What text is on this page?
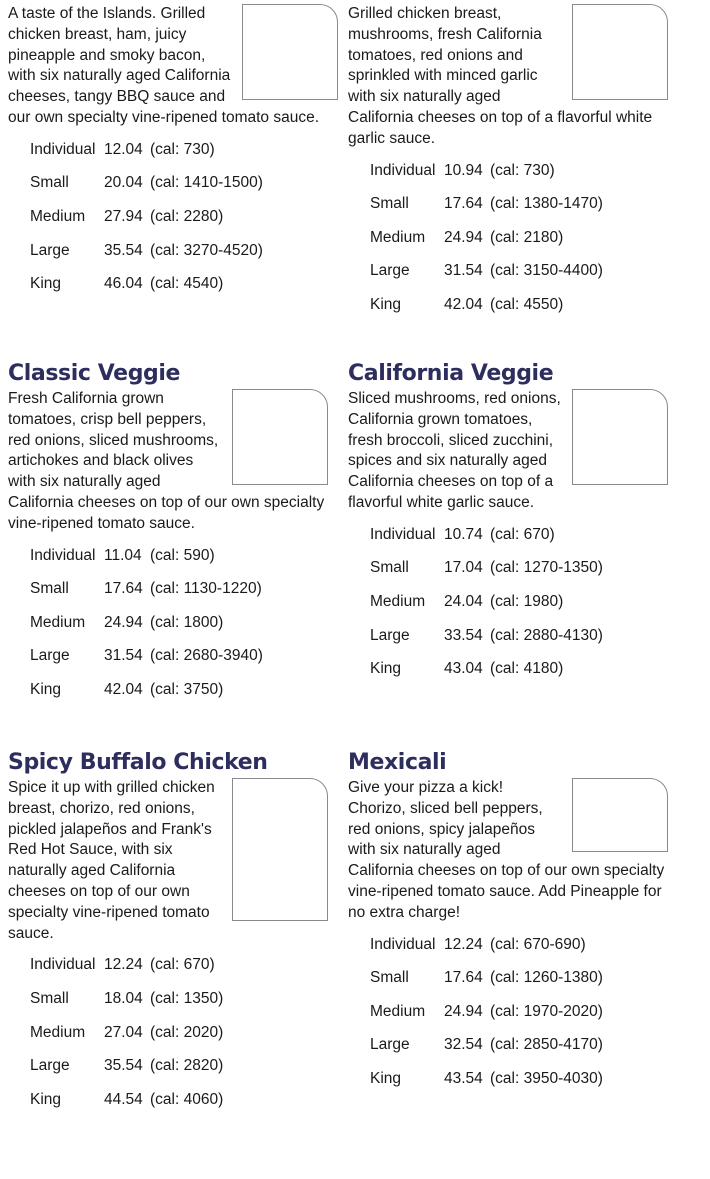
A taste of the Islands. Grilled chicken breast, ham, juicy pineapple and smoky bacon, with six naturally aged California cheeses, tangy BBQ sauce and our own specialty vine-ripened tomato sauce.

Individual 12.04 (cal: 730)
Small 20.04 (cal: 1410-1500)
Medium 27.94 (cal: 2280)
Large 35.54 (cal: 3270-4520)
King	46.04 (cal: 4540)

Grilled chicken breast, mushrooms, fresh California tomatoes, red onions and sprinkled with minced garlic with six naturally aged California cheeses on top of a flavorful white garlic sauce.

Individual 10.94 (cal: 730)
Small 17.64 (cal: 1380-1470)
Medium 24.94 (cal: 2180)
Large 31.54 (cal: 3150-4400)
King	42.04 (cal: 4550)
Classic Veggie

Fresh California grown tomatoes, crisp bell peppers, red onions, sliced mushrooms, artichokes and black olives with six naturally aged California cheeses on top of our own specialty vine-ripened tomato sauce.

Individual 11.04 (cal: 590)
Small 17.64 (cal: 1130-1220)
Medium 24.94 (cal: 1800)
Large 31.54 (cal: 2680-3940)
King	42.04 (cal: 3750)
California Veggie

Sliced mushrooms, red onions, California grown tomatoes, fresh broccoli, sliced zucchini, spices and six naturally aged California cheeses on top of a flavorful white garlic sauce.

Individual 10.74 (cal: 670)
Small 17.04 (cal: 1270-1350)
Medium 24.04 (cal: 1980)
Large 33.54 (cal: 2880-4130)
King	43.04 (cal: 4180)
Spicy Buffalo Chicken

Spice it up with grilled chicken breast, chorizo, red onions, pickled jalapeños and Frank's Red Hot Sauce, with six naturally aged California cheeses on top of our own specialty vine-ripened tomato sauce.

Individual 12.24 (cal: 670)
Small 18.04 (cal: 1350)
Medium 27.04 (cal: 2020)
Large 35.54 (cal: 2820)
King	44.54 (cal: 4060)
Mexicali

Give your pizza a kick! Chorizo, sliced bell peppers, red onions, spicy jalapeños with six naturally aged California cheeses on top of our own specialty vine-ripened tomato sauce. Add Pineapple for no extra charge!

Individual 12.24 (cal: 670-690)
Small 17.64 (cal: 1260-1380)
Medium 24.94 (cal: 1970-2020)
Large 32.54 (cal: 2850-4170)
King	43.54 (cal: 3950-4030)
